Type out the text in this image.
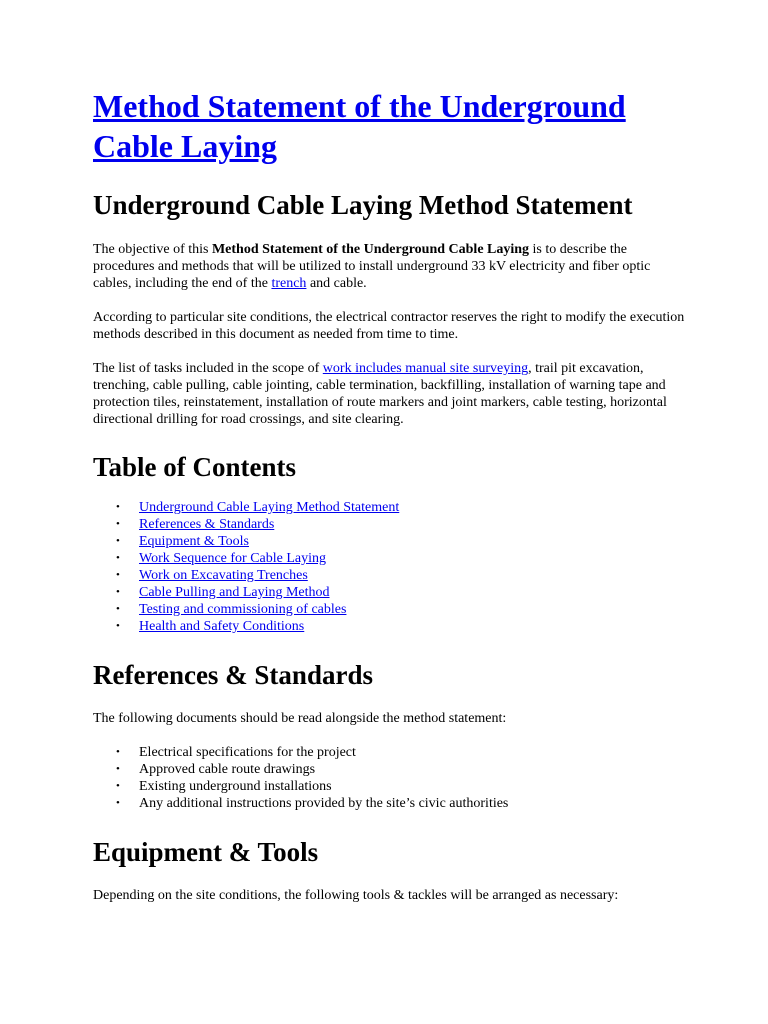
Method Statement of the Underground Cable Laying
Underground Cable Laying Method Statement

The objective of this Method Statement of the Underground Cable Laying is to describe the procedures and methods that will be utilized to install underground 33 kV electricity and fiber optic cables, including the end of the trench and cable.

According to particular site conditions, the electrical contractor reserves the right to modify the execution methods described in this document as needed from time to time.

The list of tasks included in the scope of work includes manual site surveying, trail pit excavation, trenching, cable pulling, cable jointing, cable termination, backfilling, installation of warning tape and protection tiles, reinstatement, installation of route markers and joint markers, cable testing, horizontal directional drilling for road crossings, and site clearing.

Table of Contents
• Underground Cable Laying Method Statement
• References & Standards
• Equipment & Tools
• Work Sequence for Cable Laying
• Work on Excavating Trenches
• Cable Pulling and Laying Method
• Testing and commissioning of cables
• Health and Safety Conditions
References & Standards

The following documents should be read alongside the method statement:

• Electrical specifications for the project
• Approved cable route drawings
• Existing underground installations
• Any additional instructions provided by the site’s civic authorities
Equipment & Tools

Depending on the site conditions, the following tools & tackles will be arranged as necessary:
